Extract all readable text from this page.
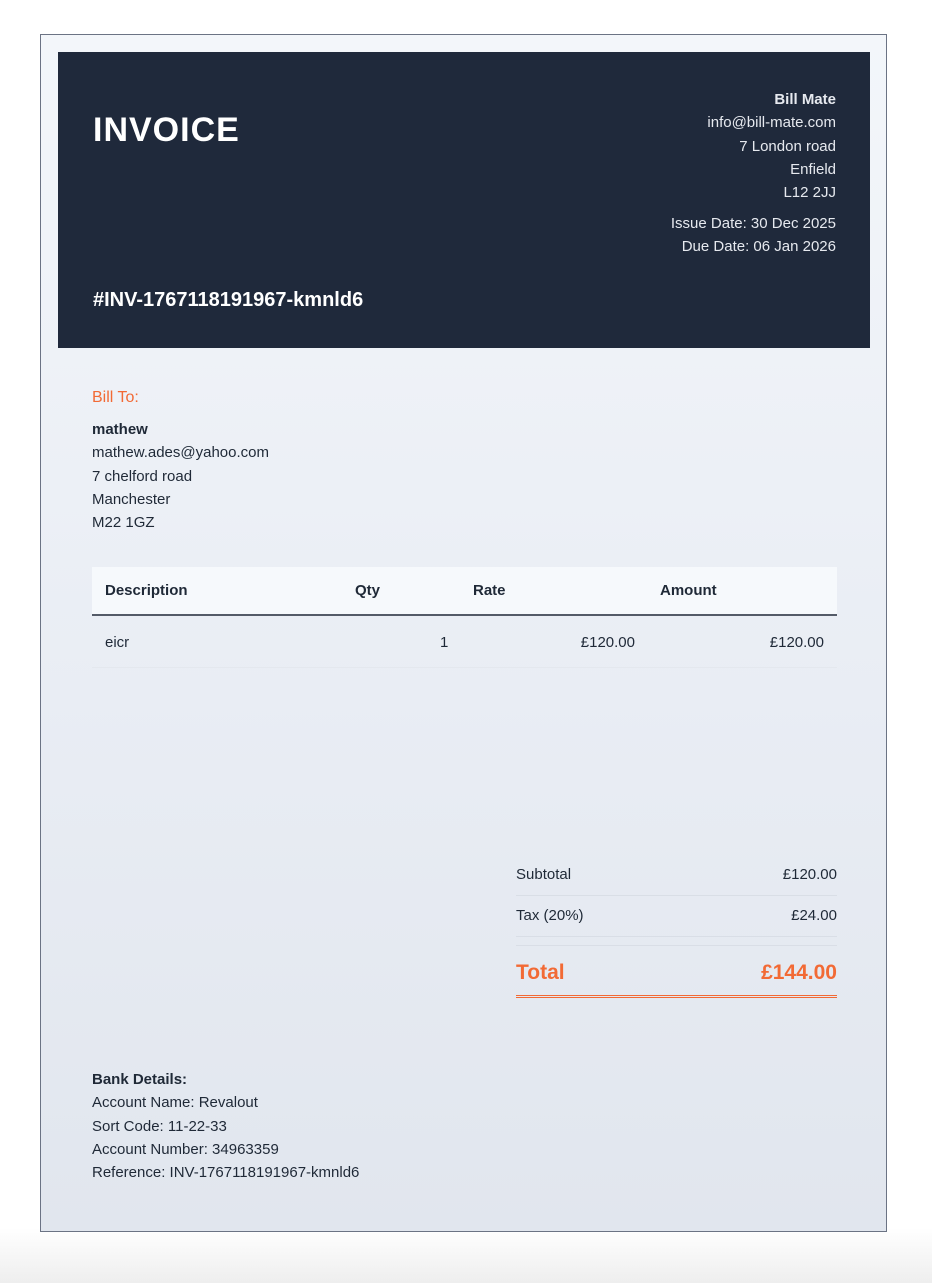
INVOICE
#INV-1767118191967-kmnld6
Bill Mate
info@bill-mate.com
7 London road
Enfield
L12 2JJ
Issue Date: 30 Dec 2025
Due Date: 06 Jan 2026
Bill To:
mathew
mathew.ades@yahoo.com
7 chelford road
Manchester
M22 1GZ
Description	Qty	Rate	Amount
eicr	1	£120.00	£120.00
Subtotal	£120.00
Tax (20%)	£24.00
Total	£144.00
Bank Details:
Account Name: Revalout
Sort Code: 11-22-33
Account Number: 34963359
Reference: INV-1767118191967-kmnld6
